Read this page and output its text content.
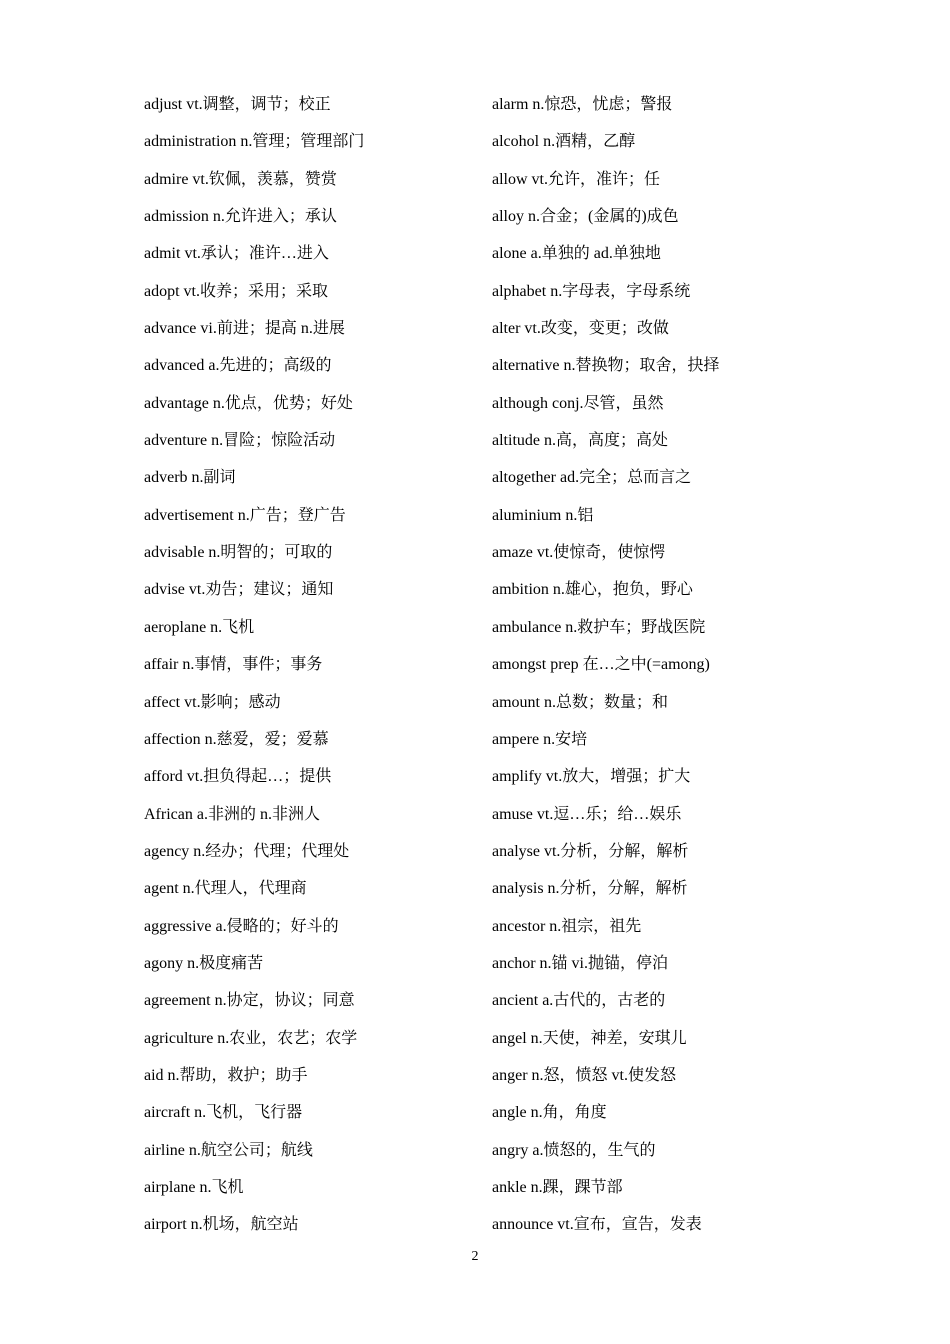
adjust vt.调整，调节；校正
administration n.管理；管理部门
admire vt.钦佩，羡慕，赞赏
admission n.允许进入；承认
admit vt.承认；准许…进入
adopt vt.收养；采用；采取
advance vi.前进；提高 n.进展
advanced a.先进的；高级的
advantage n.优点，优势；好处
adventure n.冒险；惊险活动
adverb n.副词
advertisement n.广告；登广告
advisable n.明智的；可取的
advise vt.劝告；建议；通知
aeroplane n.飞机
affair n.事情，事件；事务
affect vt.影响；感动
affection n.慈爱，爱；爱慕
afford vt.担负得起…；提供
African a.非洲的 n.非洲人
agency n.经办；代理；代理处
agent n.代理人，代理商
aggressive a.侵略的；好斗的
agony n.极度痛苦
agreement n.协定，协议；同意
agriculture n.农业，农艺；农学
aid n.帮助，救护；助手
aircraft n.飞机，飞行器
airline n.航空公司；航线
airplane n.飞机
airport n.机场，航空站
alarm n.惊恐，忧虑；警报
alcohol n.酒精，乙醇
allow vt.允许，准许；任
alloy n.合金；(金属的)成色
alone a.单独的 ad.单独地
alphabet n.字母表，字母系统
alter vt.改变，变更；改做
alternative n.替换物；取舍，抉择
although conj.尽管，虽然
altitude n.高，高度；高处
altogether ad.完全；总而言之
aluminium n.铝
amaze vt.使惊奇，使惊愕
ambition n.雄心，抱负，野心
ambulance n.救护车；野战医院
amongst prep 在…之中(=among)
amount n.总数；数量；和
ampere n.安培
amplify vt.放大，增强；扩大
amuse vt.逗…乐；给…娱乐
analyse vt.分析，分解，解析
analysis n.分析，分解，解析
ancestor n.祖宗，祖先
anchor n.锚 vi.抛锚，停泊
ancient a.古代的，古老的
angel n.天使，神差，安琪儿
anger n.怒，愤怒 vt.使发怒
angle n.角，角度
angry a.愤怒的，生气的
ankle n.踝，踝节部
announce vt.宣布，宣告，发表
2
